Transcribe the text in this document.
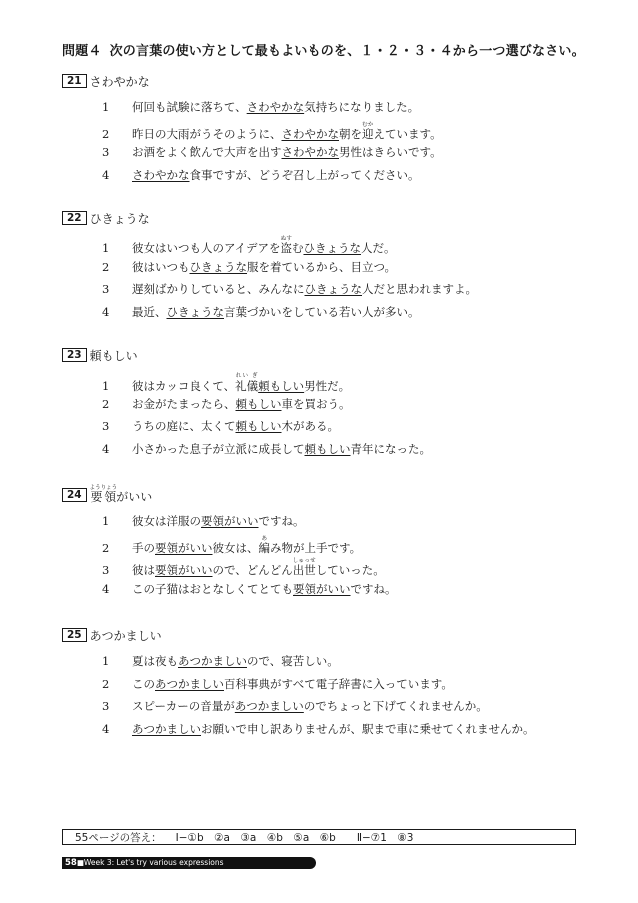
問題４ 次の言葉の使い方として最もよいものを、１・２・３・４から一つ選びなさい。
21 さわやかな
1	何回も試験に落ちて、 さわやかな 気持ちになりました。
2	昨日の大雨がうそのように、 さわやかな 朝を 迎むか
えています。
3	お酒をよく飲んで大声を出す さわやかな 男性はきらいです。
4	さわやかな 食事ですが、どうぞ召し上がってください。
22 ひきょうな
1	彼女はいつも人のアイデアを 盗ぬす
む ひきょうな 人だ。
2	彼はいつも ひきょうな 服を着ているから、目立つ。
3	遅刻ばかりしていると、みんなに ひきょうな 人だと思われますよ。
4	最近、 ひきょうな 言葉づかいをしている若い人が多い。
23 頼もしい
1	彼はカッコ良くて、 礼儀れい ぎ
頼もしい 男性だ。
2	お金がたまったら、 頼もしい 車を買おう。
3	うちの庭に、太くて 頼もしい 木がある。
4	小さかった息子が立派に成長して 頼もしい 青年になった。
24 要領ようりょうがいい
1	彼女は洋服の 要領がいい ですね。
2	手の 要領がいい 彼女は、 編あ
み物が上手です。
3	彼は 要領がいい ので、どんどん 出世しゅっせ
していった。
4	この子猫はおとなしくてとても 要領がいい ですね。
25 あつかましい
1	夏は夜も あつかましい ので、寝苦しい。
2	この あつかましい 百科事典がすべて電子辞書に入っています。
3	スピーカーの音量が あつかましい のでちょっと下げてくれませんか。
4	あつかましい お願いで申し訳ありませんが、駅まで車に乗せてくれませんか。
55ページの答え： Ⅰ−①b　②a　③a　④b　⑤a　⑥b　　Ⅱ−⑦1　⑧3
58■Week 3: Let's try various expressions
